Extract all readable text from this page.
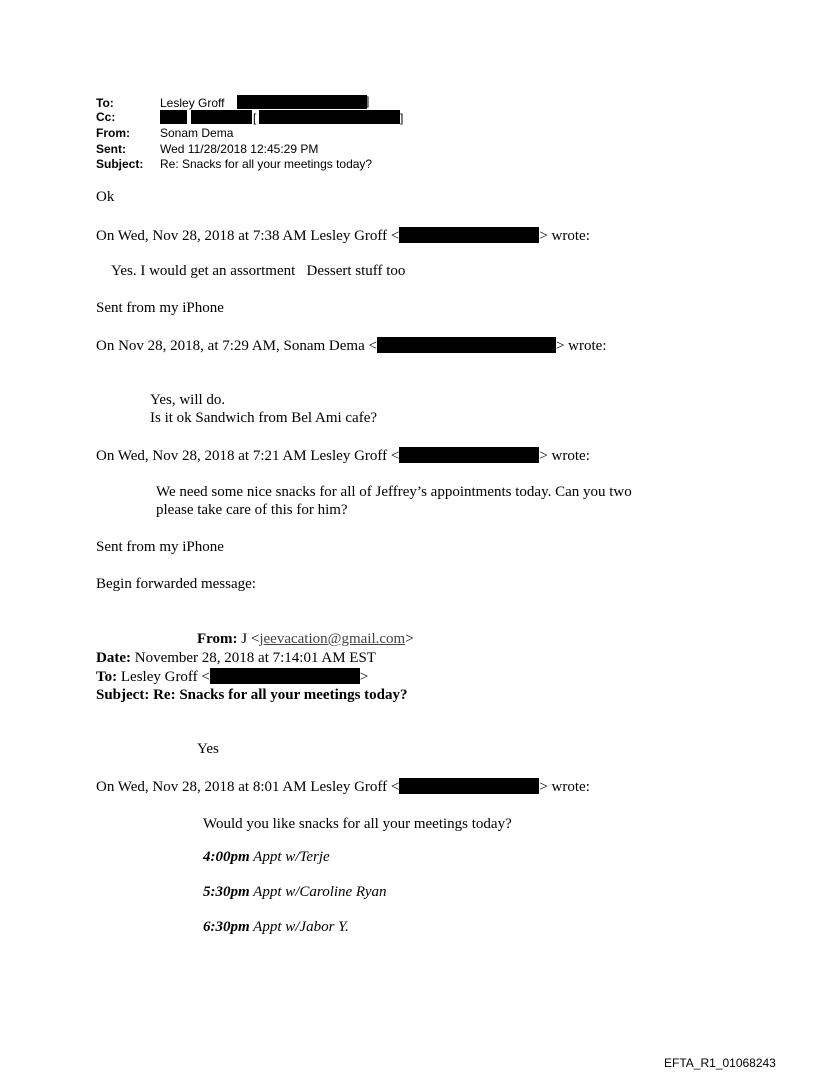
To:	Lesley Groff	]
Cc:	[	]
From:	Sonam Dema
Sent:	Wed 11/28/2018 12:45:29 PM
Subject: Re: Snacks for all your meetings today?
Ok
On Wed, Nov 28, 2018 at 7:38 AM Lesley Groff <	> wrote:
Yes. I would get an assortment   Dessert stuff too
Sent from my iPhone
On Nov 28, 2018, at 7:29 AM, Sonam Dema <	> wrote:
Yes, will do.
Is it ok Sandwich from Bel Ami cafe?
On Wed, Nov 28, 2018 at 7:21 AM Lesley Groff <	> wrote:
We need some nice snacks for all of Jeffrey’s appointments today. Can you two
please take care of this for him?
Sent from my iPhone
Begin forwarded message:
From: J <jeevacation@gmail.com>
Date: November 28, 2018 at 7:14:01 AM EST
To: Lesley Groff <	>
Subject: Re: Snacks for all your meetings today?
Yes
On Wed, Nov 28, 2018 at 8:01 AM Lesley Groff <	> wrote:
Would you like snacks for all your meetings today?
4:00pm Appt w/Terje
5:30pm Appt w/Caroline Ryan
6:30pm Appt w/Jabor Y.
EFTA_R1_01068243
